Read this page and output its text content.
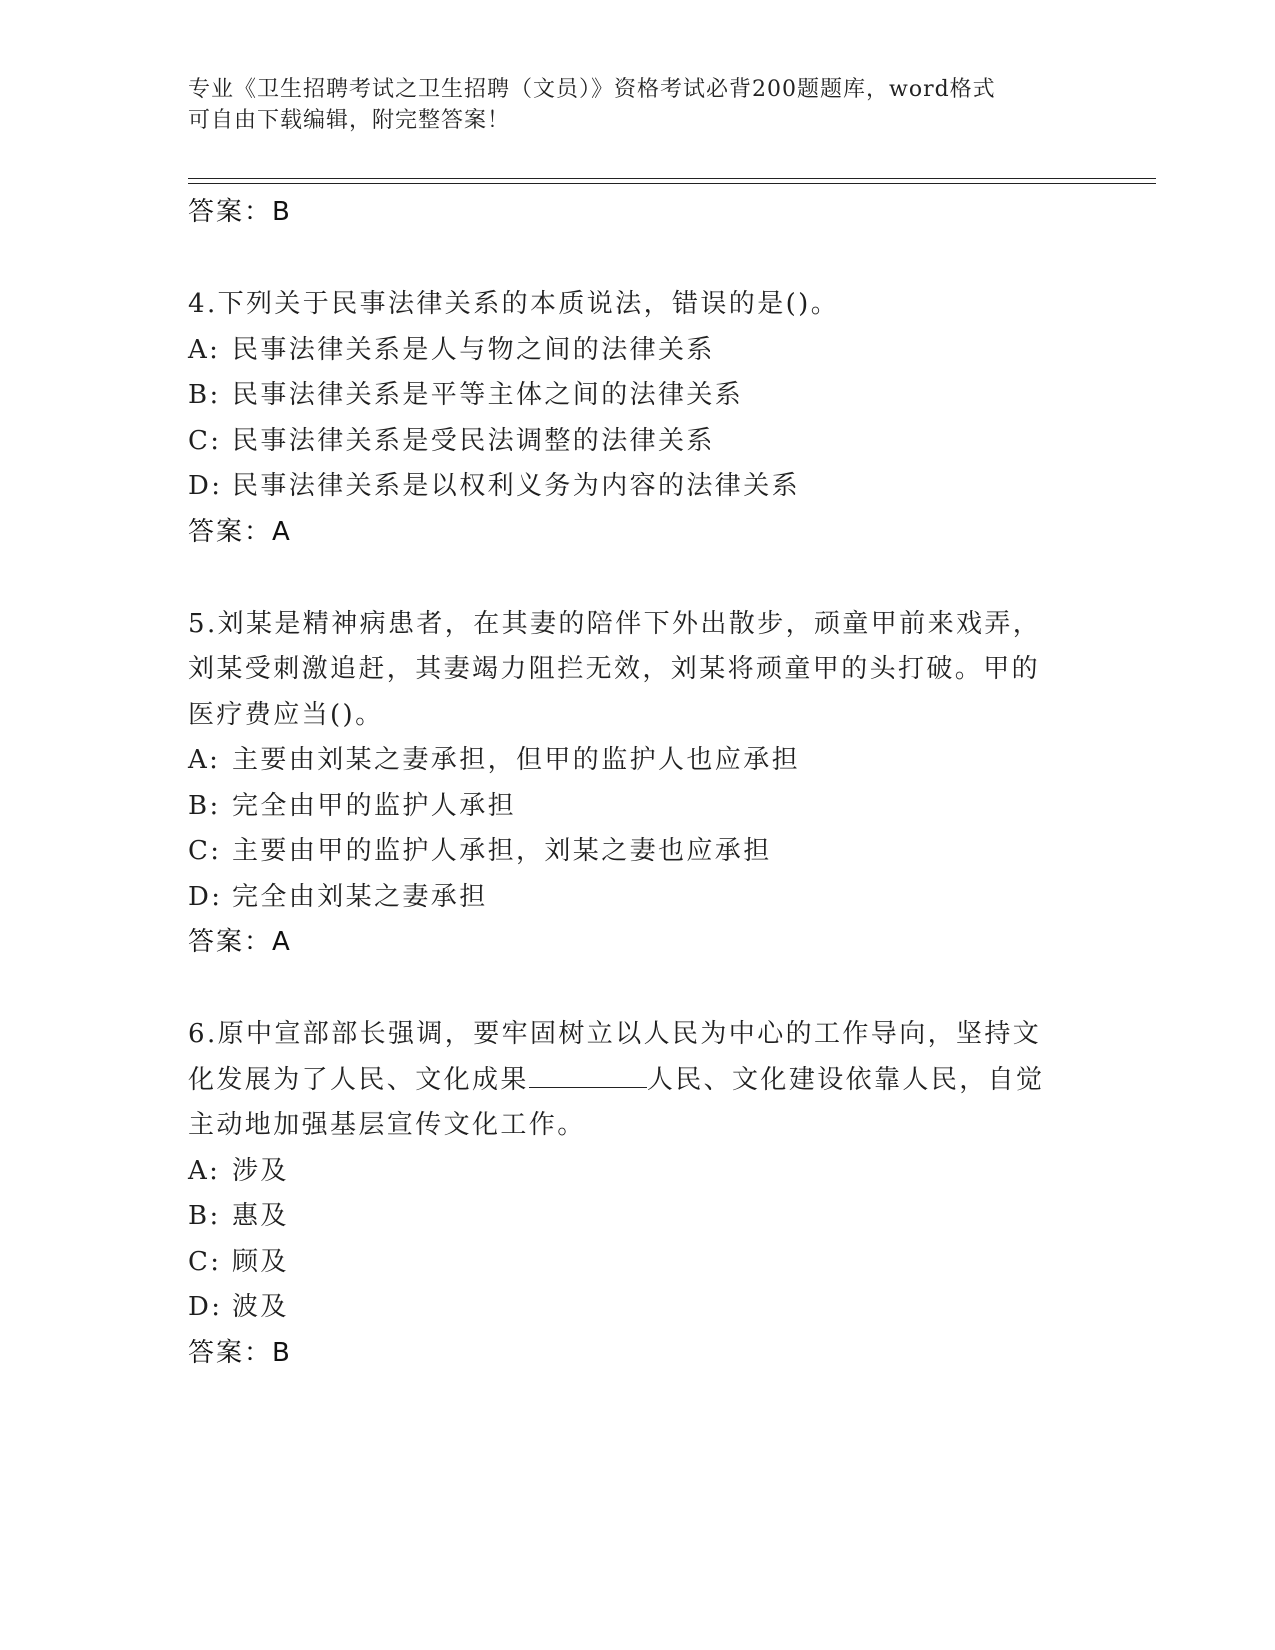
专业《卫生招聘考试之卫生招聘（文员）》资格考试必背200题题库，word格式
可自由下载编辑，附完整答案！

答案：B

4.下列关于民事法律关系的本质说法，错误的是()。

A: 民事法律关系是人与物之间的法律关系

B: 民事法律关系是平等主体之间的法律关系

C: 民事法律关系是受民法调整的法律关系

D: 民事法律关系是以权利义务为内容的法律关系

答案：A

5.刘某是精神病患者，在其妻的陪伴下外出散步，顽童甲前来戏弄，

刘某受刺激追赶，其妻竭力阻拦无效，刘某将顽童甲的头打破。甲的

医疗费应当()。

A: 主要由刘某之妻承担，但甲的监护人也应承担

B: 完全由甲的监护人承担

C: 主要由甲的监护人承担，刘某之妻也应承担

D: 完全由刘某之妻承担

答案：A

6.原中宣部部长强调，要牢固树立以人民为中心的工作导向，坚持文

化发展为了人民、文化成果	人民、文化建设依靠人民，自觉

主动地加强基层宣传文化工作。

A: 涉及

B: 惠及

C: 顾及

D: 波及

答案：B
